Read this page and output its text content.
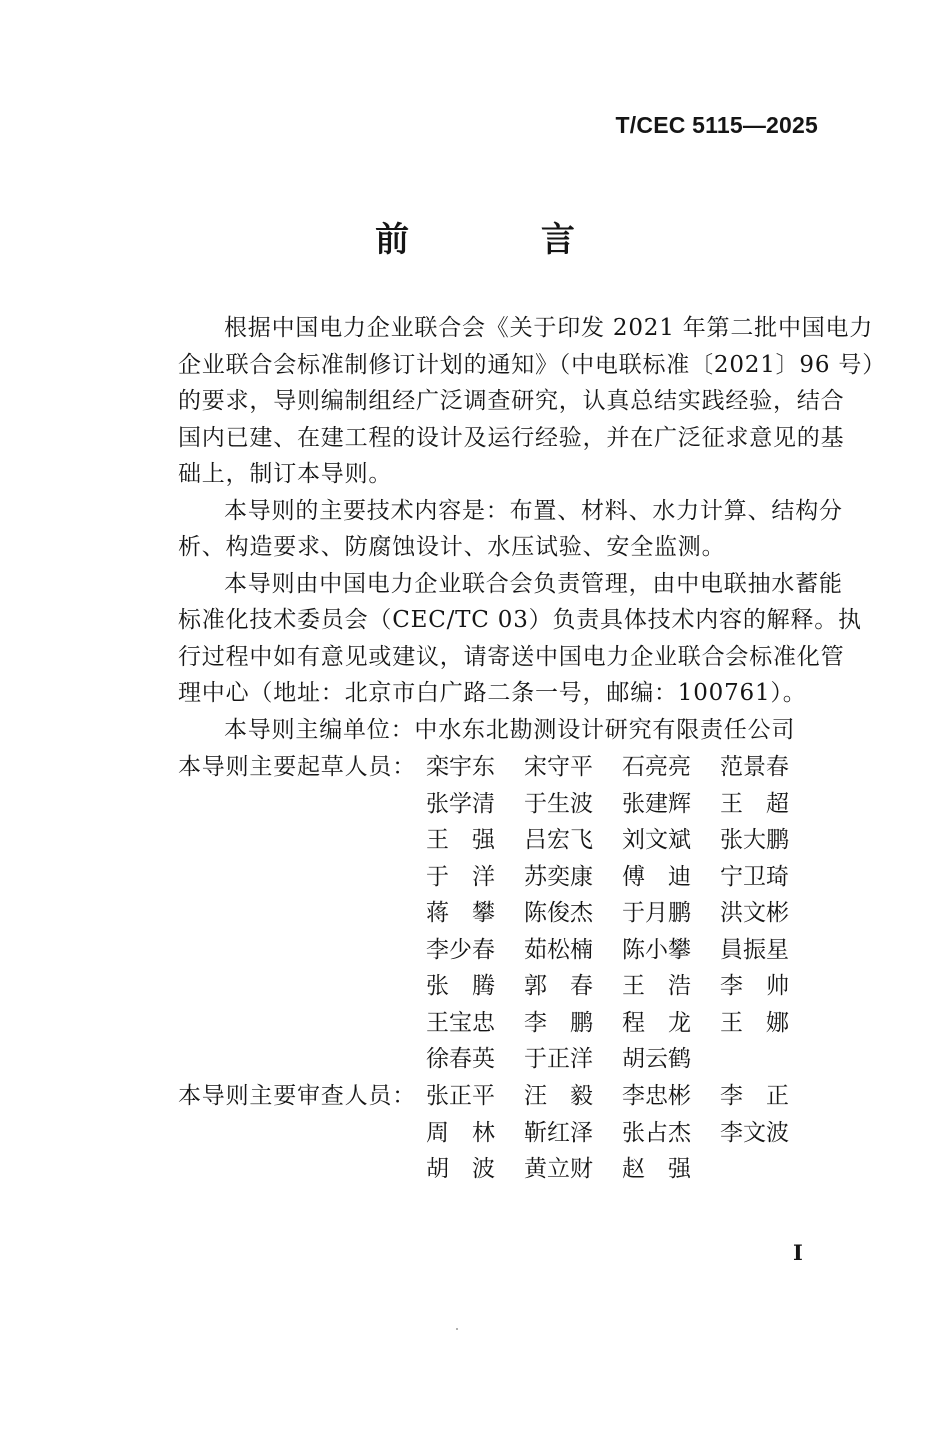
T/CEC 5115—2025
前 言

根据中国电力企业联合会《关于印发 2021 年第二批中国电力
企业联合会标准制修订计划的通知》（中电联标准〔2021〕96 号）
的要求，导则编制组经广泛调查研究，认真总结实践经验，结合
国内已建、在建工程的设计及运行经验，并在广泛征求意见的基
础上，制订本导则。

本导则的主要技术内容是：布置、材料、水力计算、结构分
析、构造要求、防腐蚀设计、水压试验、安全监测。

本导则由中国电力企业联合会负责管理，由中电联抽水蓄能
标准化技术委员会（CEC/TC 03）负责具体技术内容的解释。执
行过程中如有意见或建议，请寄送中国电力企业联合会标准化管
理中心（地址：北京市白广路二条一号，邮编：100761）。

本导则主编单位：中水东北勘测设计研究有限责任公司

本导则主要起草人员： 栾宇东 宋守平 石亮亮 范景春
张学清 于生波 张建辉 王　超
王　强 吕宏飞 刘文斌 张大鹏
于　洋 苏奕康 傅　迪 宁卫琦
蒋　攀 陈俊杰 于月鹏 洪文彬
李少春 茹松楠 陈小攀 員振星
张　腾 郭　春 王　浩 李　帅
王宝忠 李　鹏 程　龙 王　娜
徐春英 于正洋 胡云鹤
本导则主要审查人员： 张正平 汪　毅 李忠彬 李　正
周　林 靳红泽 张占杰 李文波
胡　波 黄立财 赵　强
I
